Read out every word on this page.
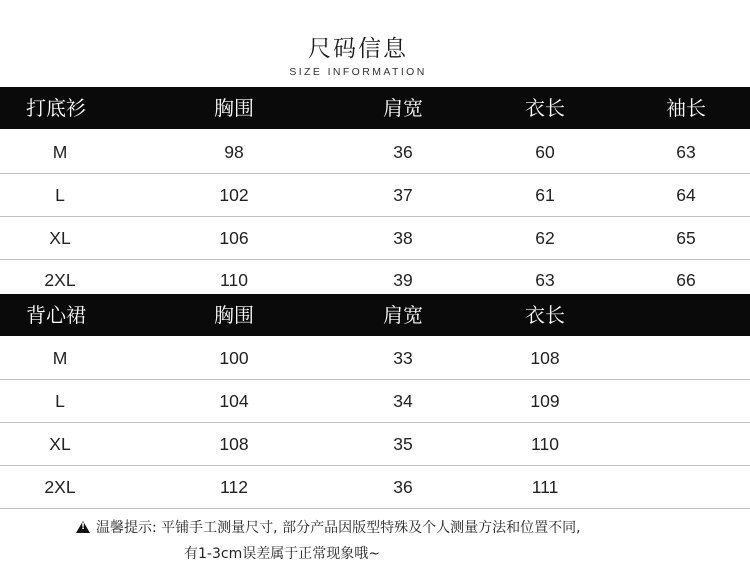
尺码信息
SIZE INFORMATION
打底衫	胸围	肩宽	衣长	袖长
M	98	36	60	63
L	102	37	61	64
XL	106	38	62	65
2XL	110	39	63	66
背心裙	胸围	肩宽	衣长
M	100	33	108
L	104	34	109
XL	108	35	110
2XL	112	36	111
!温馨提示: 平铺手工测量尺寸, 部分产品因版型特殊及个人测量方法和位置不同,
有1-3cm误差属于正常现象哦~
